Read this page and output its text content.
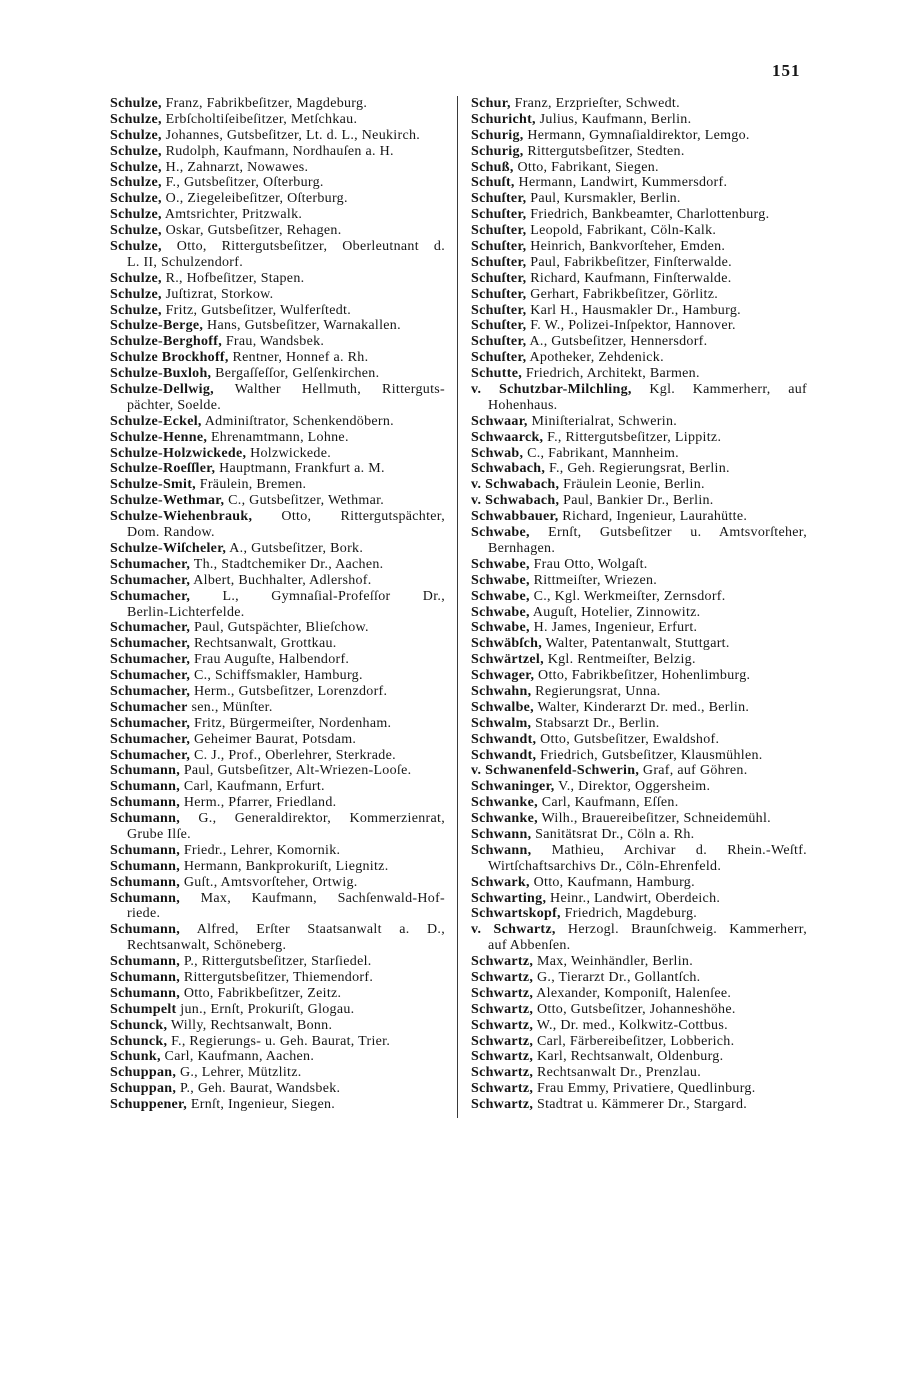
151
Schulze, Franz, Fabrikbeſitzer, Magdeburg.
Schulze, Erbſcholtiſeibeſitzer, Metſchkau.
Schulze, Johannes, Gutsbeſitzer, Lt. d. L., Neukirch.
Schulze, Rudolph, Kaufmann, Nordhauſen a. H.
Schulze, H., Zahnarzt, Nowawes.
Schulze, F., Gutsbeſitzer, Oſterburg.
Schulze, O., Ziegeleibeſitzer, Oſterburg.
Schulze, Amtsrichter, Pritzwalk.
Schulze, Oskar, Gutsbeſitzer, Rehagen.
Schulze, Otto, Rittergutsbeſitzer, Oberleutnant d.
L. II, Schulzendorf.
Schulze, R., Hofbeſitzer, Stapen.
Schulze, Juſtizrat, Storkow.
Schulze, Fritz, Gutsbeſitzer, Wulferſtedt.
Schulze-Berge, Hans, Gutsbeſitzer, Warnakallen.
Schulze-Berghoff, Frau, Wandsbek.
Schulze Brockhoff, Rentner, Honnef a. Rh.
Schulze-Buxloh, Bergaſſeſſor, Gelſenkirchen.
Schulze-Dellwig, Walther Hellmuth, Ritterguts-
pächter, Soelde.
Schulze-Eckel, Adminiſtrator, Schenkendöbern.
Schulze-Henne, Ehrenamtmann, Lohne.
Schulze-Holzwickede, Holzwickede.
Schulze-Roeſſler, Hauptmann, Frankfurt a. M.
Schulze-Smit, Fräulein, Bremen.
Schulze-Wethmar, C., Gutsbeſitzer, Wethmar.
Schulze-Wiehenbrauk, Otto, Rittergutspächter,
Dom. Randow.
Schulze-Wiſcheler, A., Gutsbeſitzer, Bork.
Schumacher, Th., Stadtchemiker Dr., Aachen.
Schumacher, Albert, Buchhalter, Adlershof.
Schumacher, L., Gymnaſial-Profeſſor Dr.,
Berlin-Lichterfelde.
Schumacher, Paul, Gutspächter, Blieſchow.
Schumacher, Rechtsanwalt, Grottkau.
Schumacher, Frau Auguſte, Halbendorf.
Schumacher, C., Schiffsmakler, Hamburg.
Schumacher, Herm., Gutsbeſitzer, Lorenzdorf.
Schumacher sen., Münſter.
Schumacher, Fritz, Bürgermeiſter, Nordenham.
Schumacher, Geheimer Baurat, Potsdam.
Schumacher, C. J., Prof., Oberlehrer, Sterkrade.
Schumann, Paul, Gutsbeſitzer, Alt-Wriezen-Looſe.
Schumann, Carl, Kaufmann, Erfurt.
Schumann, Herm., Pfarrer, Friedland.
Schumann, G., Generaldirektor, Kommerzienrat,
Grube Ilſe.
Schumann, Friedr., Lehrer, Komornik.
Schumann, Hermann, Bankprokuriſt, Liegnitz.
Schumann, Guſt., Amtsvorſteher, Ortwig.
Schumann, Max, Kaufmann, Sachſenwald-Hof-
riede.
Schumann, Alfred, Erſter Staatsanwalt a. D.,
Rechtsanwalt, Schöneberg.
Schumann, P., Rittergutsbeſitzer, Starſiedel.
Schumann, Rittergutsbeſitzer, Thiemendorf.
Schumann, Otto, Fabrikbeſitzer, Zeitz.
Schumpelt jun., Ernſt, Prokuriſt, Glogau.
Schunck, Willy, Rechtsanwalt, Bonn.
Schunck, F., Regierungs- u. Geh. Baurat, Trier.
Schunk, Carl, Kaufmann, Aachen.
Schuppan, G., Lehrer, Mützlitz.
Schuppan, P., Geh. Baurat, Wandsbek.
Schuppener, Ernſt, Ingenieur, Siegen.
Schur, Franz, Erzprieſter, Schwedt.
Schuricht, Julius, Kaufmann, Berlin.
Schurig, Hermann, Gymnaſialdirektor, Lemgo.
Schurig, Rittergutsbeſitzer, Stedten.
Schuß, Otto, Fabrikant, Siegen.
Schuſt, Hermann, Landwirt, Kummersdorf.
Schuſter, Paul, Kursmakler, Berlin.
Schuſter, Friedrich, Bankbeamter, Charlottenburg.
Schuſter, Leopold, Fabrikant, Cöln-Kalk.
Schuſter, Heinrich, Bankvorſteher, Emden.
Schuſter, Paul, Fabrikbeſitzer, Finſterwalde.
Schuſter, Richard, Kaufmann, Finſterwalde.
Schuſter, Gerhart, Fabrikbeſitzer, Görlitz.
Schuſter, Karl H., Hausmakler Dr., Hamburg.
Schuſter, F. W., Polizei-Inſpektor, Hannover.
Schuſter, A., Gutsbeſitzer, Hennersdorf.
Schuſter, Apotheker, Zehdenick.
Schutte, Friedrich, Architekt, Barmen.
v. Schutzbar-Milchling, Kgl. Kammerherr, auf
Hohenhaus.
Schwaar, Miniſterialrat, Schwerin.
Schwaarck, F., Rittergutsbeſitzer, Lippitz.
Schwab, C., Fabrikant, Mannheim.
Schwabach, F., Geh. Regierungsrat, Berlin.
v. Schwabach, Fräulein Leonie, Berlin.
v. Schwabach, Paul, Bankier Dr., Berlin.
Schwabbauer, Richard, Ingenieur, Laurahütte.
Schwabe, Ernſt, Gutsbeſitzer u. Amtsvorſteher,
Bernhagen.
Schwabe, Frau Otto, Wolgaſt.
Schwabe, Rittmeiſter, Wriezen.
Schwabe, C., Kgl. Werkmeiſter, Zernsdorf.
Schwabe, Auguſt, Hotelier, Zinnowitz.
Schwabe, H. James, Ingenieur, Erfurt.
Schwäbſch, Walter, Patentanwalt, Stuttgart.
Schwärtzel, Kgl. Rentmeiſter, Belzig.
Schwager, Otto, Fabrikbeſitzer, Hohenlimburg.
Schwahn, Regierungsrat, Unna.
Schwalbe, Walter, Kinderarzt Dr. med., Berlin.
Schwalm, Stabsarzt Dr., Berlin.
Schwandt, Otto, Gutsbeſitzer, Ewaldshof.
Schwandt, Friedrich, Gutsbeſitzer, Klausmühlen.
v. Schwanenfeld-Schwerin, Graf, auf Göhren.
Schwaninger, V., Direktor, Oggersheim.
Schwanke, Carl, Kaufmann, Eſſen.
Schwanke, Wilh., Brauereibeſitzer, Schneidemühl.
Schwann, Sanitätsrat Dr., Cöln a. Rh.
Schwann, Mathieu, Archivar d. Rhein.-Weſtf.
Wirtſchaftsarchivs Dr., Cöln-Ehrenfeld.
Schwark, Otto, Kaufmann, Hamburg.
Schwarting, Heinr., Landwirt, Oberdeich.
Schwartskopf, Friedrich, Magdeburg.
v. Schwartz, Herzogl. Braunſchweig. Kammerherr,
auf Abbenſen.
Schwartz, Max, Weinhändler, Berlin.
Schwartz, G., Tierarzt Dr., Gollantſch.
Schwartz, Alexander, Komponiſt, Halenſee.
Schwartz, Otto, Gutsbeſitzer, Johanneshöhe.
Schwartz, W., Dr. med., Kolkwitz-Cottbus.
Schwartz, Carl, Färbereibeſitzer, Lobberich.
Schwartz, Karl, Rechtsanwalt, Oldenburg.
Schwartz, Rechtsanwalt Dr., Prenzlau.
Schwartz, Frau Emmy, Privatiere, Quedlinburg.
Schwartz, Stadtrat u. Kämmerer Dr., Stargard.
